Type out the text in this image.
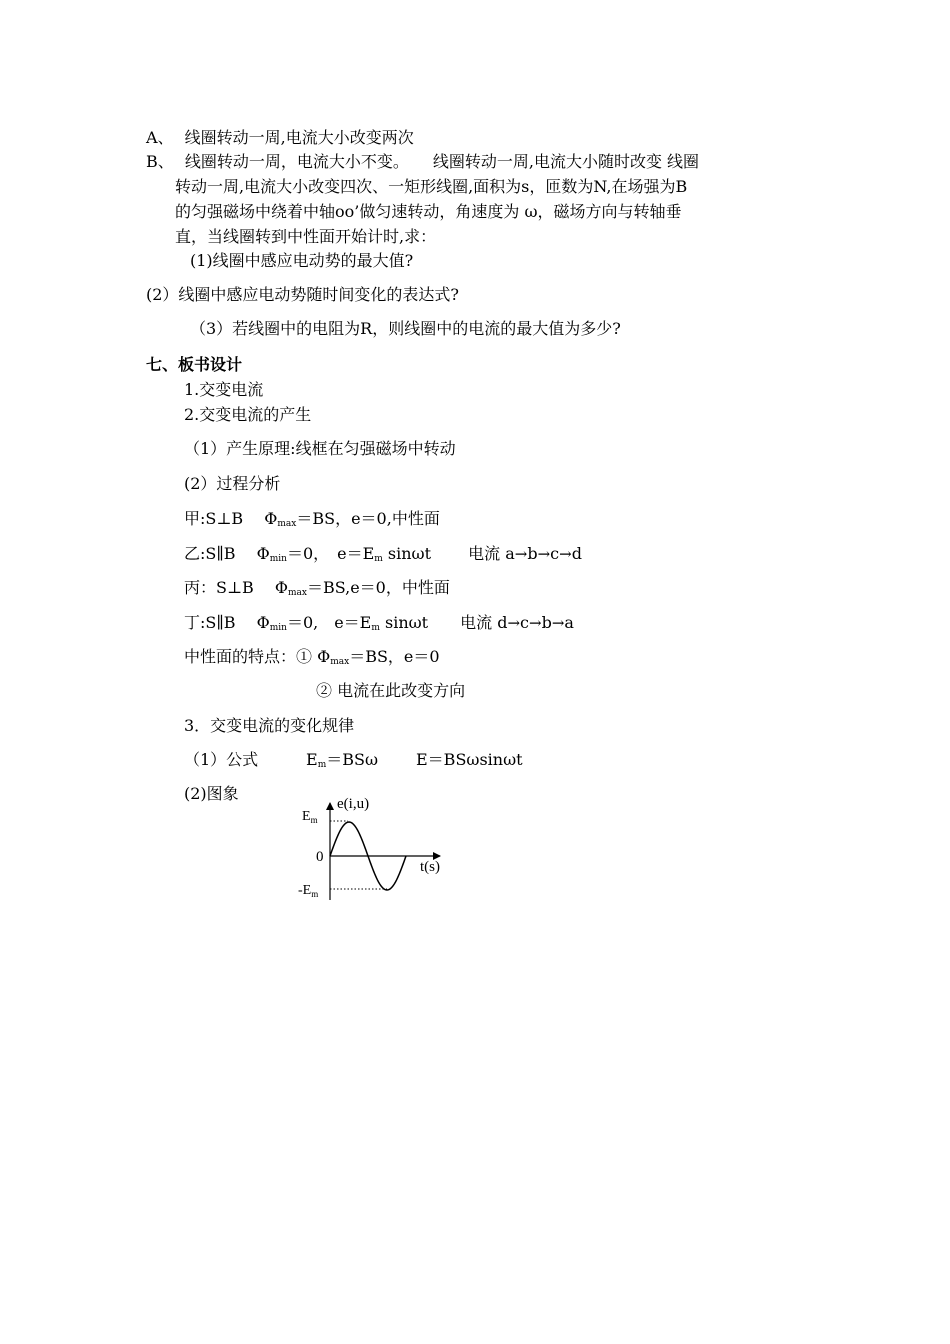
A、 线圈转动一周,电流大小改变两次
B、 线圈转动一周，电流大小不变。　　线圈转动一周,电流大小随时改变 线圈
转动一周,电流大小改变四次、一矩形线圈,面积为s，匝数为N,在场强为B
的匀强磁场中绕着中轴oo’做匀速转动，角速度为 ω，磁场方向与转轴垂
直，当线圈转到中性面开始计时,求：
(1)线圈中感应电动势的最大值?
(2）线圈中感应电动势随时间变化的表达式?
（3）若线圈中的电阻为R，则线圈中的电流的最大值为多少?
七、板书设计
1.交变电流
2.交变电流的产生
（1）产生原理:线框在匀强磁场中转动
(2）过程分析
甲:S⊥B　 $\Phi_{max}=BS$，e＝0,中性面
乙:S∥B　 $\Phi_{min}=0$，　$e=E_m$ sinωt　　 电流 a→b→c→d
丙：S⊥B　 $\Phi_{max}=BS,e=0$，中性面
丁:S∥B　 $\Phi_{min}=0$,　$e=E_m$ sinωt　　电流 d→c→b→a
中性面的特点：① $\Phi_{max}=BS$，e＝0
② 电流在此改变方向
3．交变电流的变化规律
（1）公式	$E_m=BS\omega$ E＝BSωsinωt
(2)图象
e(i,u)
t(s)
0
$E_m$
$-E_m$
